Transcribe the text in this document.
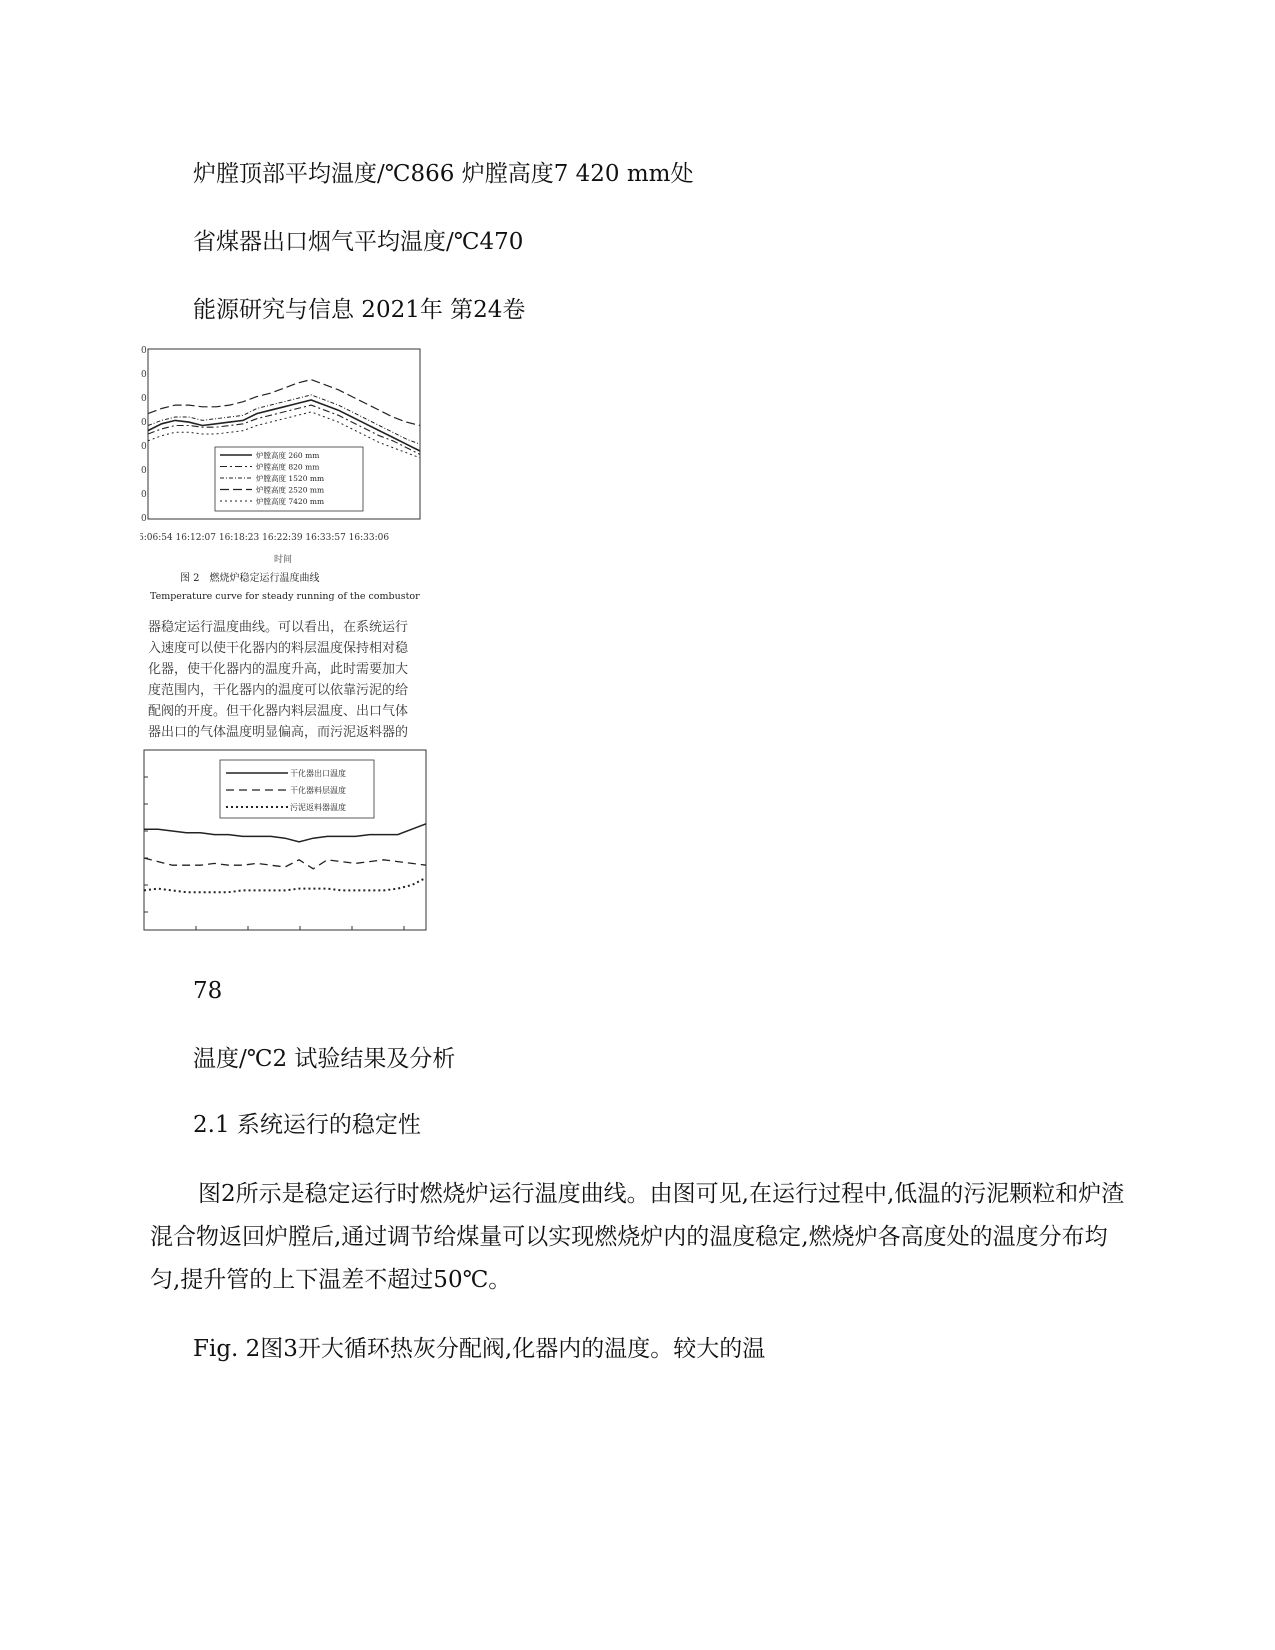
炉膛顶部平均温度/℃866 炉膛高度7 420 mm处
省煤器出口烟气平均温度/℃470
能源研究与信息 2021年 第24卷
0
0
0
0
0
0
0
0
炉膛高度 260 mm
炉膛高度 820 mm
炉膛高度 1520 mm
炉膛高度 2520 mm
炉膛高度 7420 mm
6:06:54 16:12:07 16:18:23 16:22:39 16:33:57 16:33:06
时间
图 2　燃烧炉稳定运行温度曲线
Temperature curve for steady running of the combustor
干化器出口温度
干化器料层温度
污泥返料器温度
78
温度/℃2 试验结果及分析
2.1 系统运行的稳定性
图2所示是稳定运行时燃烧炉运行温度曲线。由图可见,在运行过程中,低温的污泥颗粒和炉渣混合物返回炉膛后,通过调节给煤量可以实现燃烧炉内的温度稳定,燃烧炉各高度处的温度分布均匀,提升管的上下温差不超过50℃。
Fig. 2图3开大循环热灰分配阀,化器内的温度。较大的温
器稳定运行温度曲线。可以看出，在系统运行
入速度可以使干化器内的料层温度保持相对稳
化器，使干化器内的温度升高，此时需要加大
度范围内，干化器内的温度可以依靠污泥的给
配阀的开度。但干化器内料层温度、出口气体
器出口的气体温度明显偏高，而污泥返料器的
